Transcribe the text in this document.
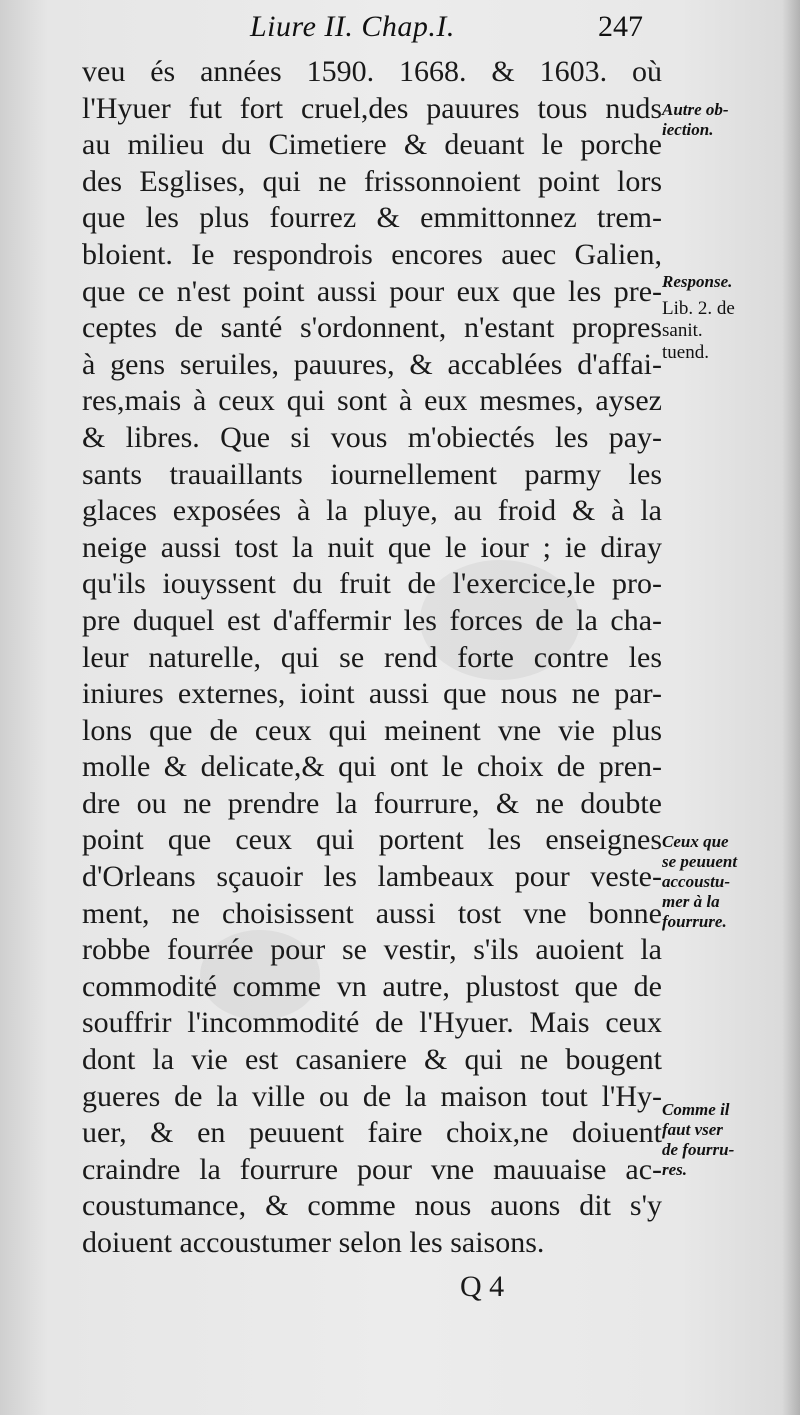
Liure II. Chap.I.	247
veu és années 1590. 1668. & 1603. où
l'Hyuer fut fort cruel,des pauures tous nuds
au milieu du Cimetiere & deuant le porche
des Esglises, qui ne frissonnoient point lors
que les plus fourrez & emmittonnez trem-
bloient. Ie respondrois encores auec Galien,
que ce n'est point aussi pour eux que les pre-
ceptes de santé s'ordonnent, n'estant propres
à gens seruiles, pauures, & accablées d'affai-
res,mais à ceux qui sont à eux mesmes, aysez
& libres. Que si vous m'obiectés les pay-
sants trauaillants iournellement parmy les
glaces exposées à la pluye, au froid & à la
neige aussi tost la nuit que le iour ; ie diray
qu'ils iouyssent du fruit de l'exercice,le pro-
pre duquel est d'affermir les forces de la cha-
leur naturelle, qui se rend forte contre les
iniures externes, ioint aussi que nous ne par-
lons que de ceux qui meinent vne vie plus
molle & delicate,& qui ont le choix de pren-
dre ou ne prendre la fourrure, & ne doubte
point que ceux qui portent les enseignes
d'Orleans sçauoir les lambeaux pour veste-
ment, ne choisissent aussi tost vne bonne
robbe fourrée pour se vestir, s'ils auoient la
commodité comme vn autre, plustost que de
souffrir l'incommodité de l'Hyuer. Mais ceux
dont la vie est casaniere & qui ne bougent
gueres de la ville ou de la maison tout l'Hy-
uer, & en peuuent faire choix,ne doiuent
craindre la fourrure pour vne mauuaise ac-
coustumance, & comme nous auons dit s'y
doiuent accoustumer selon les saisons.
Autre ob-
iection.
Response.
Lib. 2. de
sanit.
tuend.
Ceux que
se peuuent
accoustu-
mer à la
fourrure.
Comme il
faut vser
de fourru-
res.
Q 4
